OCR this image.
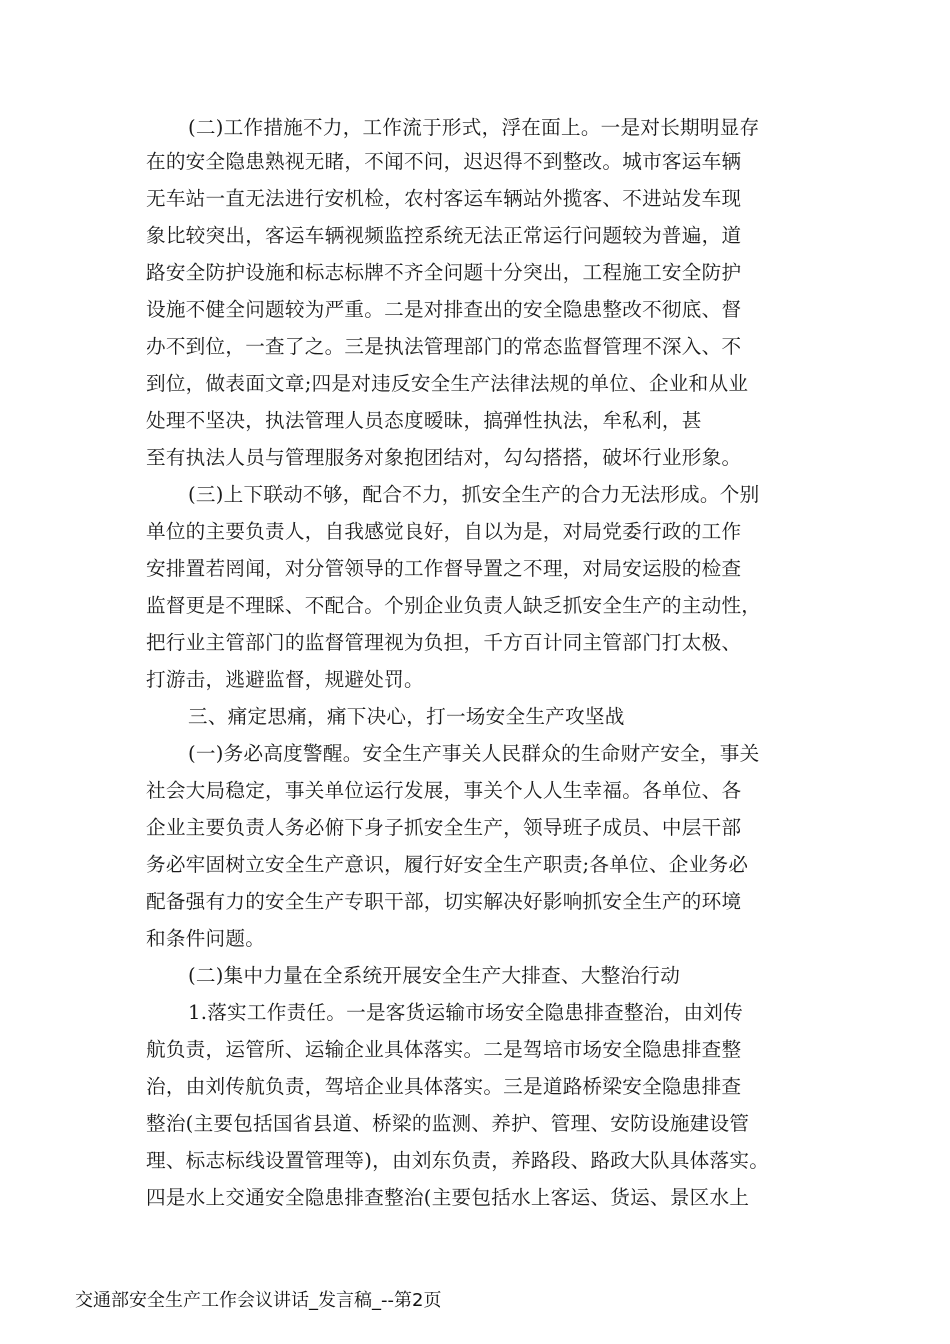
(二)工作措施不力，工作流于形式，浮在面上。一是对长期明显存
在的安全隐患熟视无睹，不闻不问，迟迟得不到整改。城市客运车辆
无车站一直无法进行安机检，农村客运车辆站外揽客、不进站发车现
象比较突出，客运车辆视频监控系统无法正常运行问题较为普遍，道
路安全防护设施和标志标牌不齐全问题十分突出，工程施工安全防护
设施不健全问题较为严重。二是对排查出的安全隐患整改不彻底、督
办不到位，一查了之。三是执法管理部门的常态监督管理不深入、不
到位，做表面文章;四是对违反安全生产法律法规的单位、企业和从业
处理不坚决，执法管理人员态度暧昧，搞弹性执法，牟私利，甚
至有执法人员与管理服务对象抱团结对，勾勾搭搭，破坏行业形象。
(三)上下联动不够，配合不力，抓安全生产的合力无法形成。个别
单位的主要负责人，自我感觉良好，自以为是，对局党委行政的工作
安排置若罔闻，对分管领导的工作督导置之不理，对局安运股的检查
监督更是不理睬、不配合。个别企业负责人缺乏抓安全生产的主动性，
把行业主管部门的监督管理视为负担，千方百计同主管部门打太极、
打游击，逃避监督，规避处罚。
三、痛定思痛，痛下决心，打一场安全生产攻坚战
(一)务必高度警醒。安全生产事关人民群众的生命财产安全，事关
社会大局稳定，事关单位运行发展，事关个人人生幸福。各单位、各
企业主要负责人务必俯下身子抓安全生产，领导班子成员、中层干部
务必牢固树立安全生产意识，履行好安全生产职责;各单位、企业务必
配备强有力的安全生产专职干部，切实解决好影响抓安全生产的环境
和条件问题。
(二)集中力量在全系统开展安全生产大排查、大整治行动
1.落实工作责任。一是客货运输市场安全隐患排查整治，由刘传
航负责，运管所、运输企业具体落实。二是驾培市场安全隐患排查整
治，由刘传航负责，驾培企业具体落实。三是道路桥梁安全隐患排查
整治(主要包括国省县道、桥梁的监测、养护、管理、安防设施建设管
理、标志标线设置管理等)，由刘东负责，养路段、路政大队具体落实。
四是水上交通安全隐患排查整治(主要包括水上客运、货运、景区水上
交通部安全生产工作会议讲话_发言稿_--第2页
